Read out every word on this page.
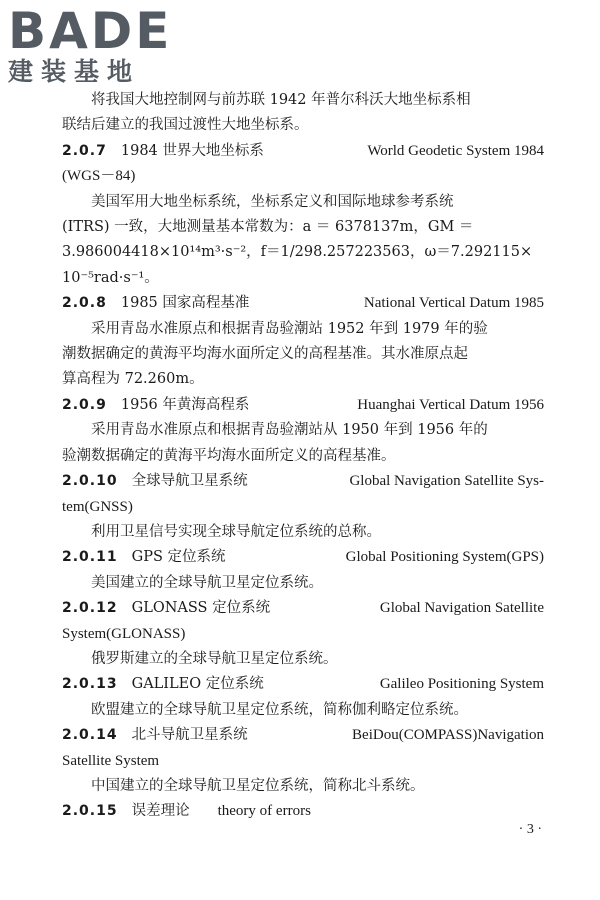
BADE
建装基地

将我国大地控制网与前苏联 1942 年普尔科沃大地坐标系相

联结后建立的我国过渡性大地坐标系。

2.0.7 1984 世界大地坐标系	World Geodetic System 1984

(WGS－84)

美国军用大地坐标系统，坐标系定义和国际地球参考系统

(ITRS) 一致，大地测量基本常数为：a ＝ 6378137m，GM ＝

3.986004418×10¹⁴m³·s⁻²，f＝1/298.257223563，ω＝7.292115×

10⁻⁵rad·s⁻¹。

2.0.8 1985 国家高程基准	National Vertical Datum 1985

采用青岛水准原点和根据青岛验潮站 1952 年到 1979 年的验

潮数据确定的黄海平均海水面所定义的高程基准。其水准原点起

算高程为 72.260m。

2.0.9 1956 年黄海高程系	Huanghai Vertical Datum 1956

采用青岛水准原点和根据青岛验潮站从 1950 年到 1956 年的

验潮数据确定的黄海平均海水面所定义的高程基准。

2.0.10 全球导航卫星系统	Global Navigation Satellite Sys-

tem(GNSS)

利用卫星信号实现全球导航定位系统的总称。

2.0.11 GPS 定位系统	Global Positioning System(GPS)

美国建立的全球导航卫星定位系统。

2.0.12 GLONASS 定位系统	Global Navigation Satellite

System(GLONASS)

俄罗斯建立的全球导航卫星定位系统。

2.0.13 GALILEO 定位系统	Galileo Positioning System

欧盟建立的全球导航卫星定位系统，简称伽利略定位系统。

2.0.14 北斗导航卫星系统	BeiDou(COMPASS)Navigation

Satellite System

中国建立的全球导航卫星定位系统，简称北斗系统。

2.0.15 误差理论 theory of errors
· 3 ·
